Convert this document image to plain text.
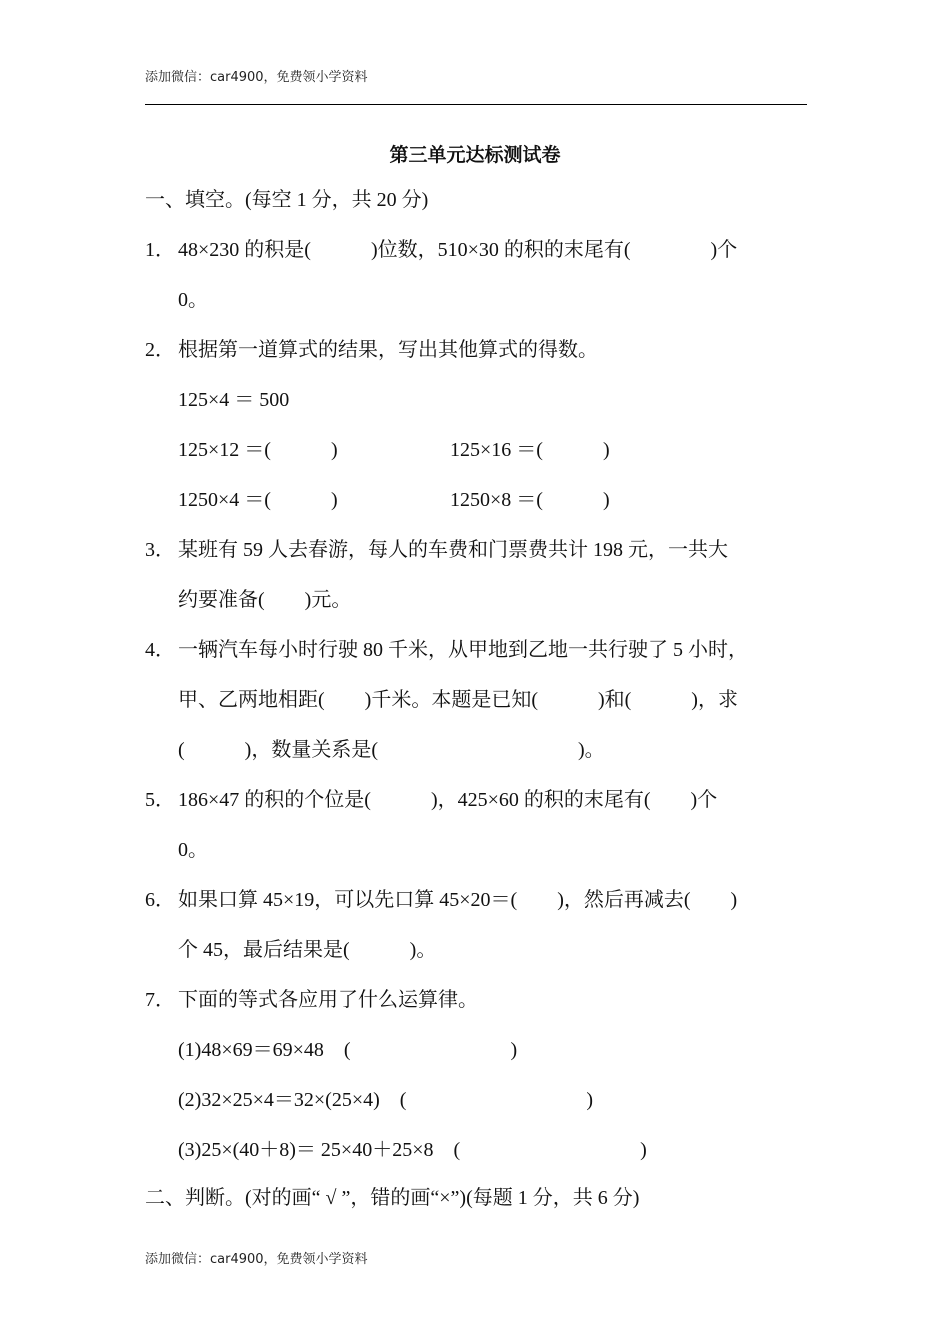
添加微信：car4900，免费领小学资料
第三单元达标测试卷
一、填空。(每空 1 分，共 20 分)
1． 48×230 的积是(　　　)位数，510×30 的积的末尾有(　　　　)个
0。
2． 根据第一道算式的结果，写出其他算式的得数。
125×4 ＝ 500
125×12 ＝(　　　)	125×16 ＝(　　　)
1250×4 ＝(　　　)	1250×8 ＝(　　　)
3． 某班有 59 人去春游，每人的车费和门票费共计 198 元，一共大
约要准备(　　)元。
4． 一辆汽车每小时行驶 80 千米，从甲地到乙地一共行驶了 5 小时，
甲、乙两地相距(　　)千米。本题是已知(　　　)和(　　　)，求
(　　　)，数量关系是(　　　　　　　　　　)。
5． 186×47 的积的个位是(　　　)，425×60 的积的末尾有(　　)个
0。
6． 如果口算 45×19，可以先口算 45×20＝(　　)，然后再减去(　　)
个 45，最后结果是(　　　)。
7． 下面的等式各应用了什么运算律。
(1)48×69＝69×48　(　　　　　　　　)
(2)32×25×4＝32×(25×4)　(　　　　　　　　　)
(3)25×(40＋8)＝ 25×40＋25×8　(　　　　　　　　　)
二、判断。(对的画“ √ ”，错的画“×”)(每题 1 分，共 6 分)
添加微信：car4900，免费领小学资料
